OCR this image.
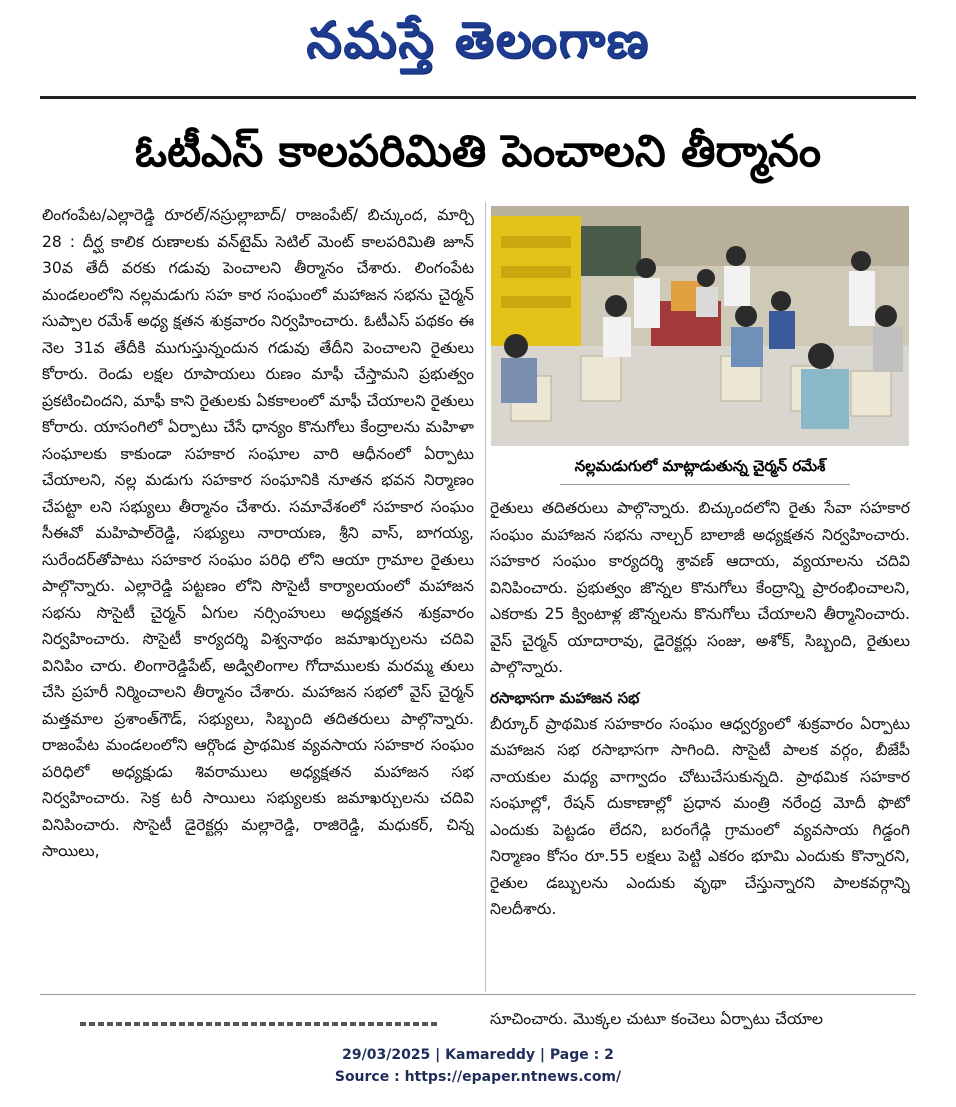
నమస్తే తెలంగాణ
ఓటీఎస్ కాలపరిమితి పెంచాలని తీర్మానం

లింగంపేట/ఎల్లారెడ్డి రూరల్/నస్రుల్లాబాద్/ రాజంపేట్/ బిచ్కుంద, మార్చి 28 : దీర్ఘ కాలిక రుణాలకు వన్‌టైమ్ సెటిల్ మెంట్ కాలపరిమితి జూన్ 30వ తేదీ వరకు గడువు పెంచాలని తీర్మానం చేశారు. లింగంపేట మండలంలోని నల్లమడుగు సహ కార సంఘంలో మహాజన సభను చైర్మన్ సుప్పాల రమేశ్ అధ్య క్షతన శుక్రవారం నిర్వహించారు. ఓటీఎస్ పథకం ఈ నెల 31వ తేదీకి ముగుస్తున్నందున గడువు తేదీని పెంచాలని రైతులు కోరారు. రెండు లక్షల రూపాయలు రుణం మాఫీ చేస్తామని ప్రభుత్వం ప్రకటించిందని, మాఫీ కాని రైతులకు ఏకకాలంలో మాఫీ చేయాలని రైతులు కోరారు. యాసంగిలో ఏర్పాటు చేసే ధాన్యం కొనుగోలు కేంద్రాలను మహిళా సంఘాలకు కాకుండా సహకార సంఘాల వారి ఆధీనంలో ఏర్పాటు చేయాలని, నల్ల మడుగు సహకార సంఘానికి నూతన భవన నిర్మాణం చేపట్టా లని సభ్యులు తీర్మానం చేశారు. సమావేశంలో సహకార సంఘం సీఈవో మహిపాల్‌రెడ్డి, సభ్యులు నారాయణ, శ్రీని వాస్, బాగయ్య, సురేందర్‌తోపాటు సహకార సంఘం పరిధి లోని ఆయా గ్రామాల రైతులు పాల్గొన్నారు. ఎల్లారెడ్డి పట్టణం లోని సొసైటీ కార్యాలయంలో మహాజన సభను సొసైటీ చైర్మన్ ఏగుల నర్సింహులు అధ్యక్షతన శుక్రవారం నిర్వహించారు. సొసైటీ కార్యదర్శి విశ్వనాథం జమాఖర్చులను చదివి వినిపిం చారు. లింగారెడ్డిపేట్, అడ్విలింగాల గోదాములకు మరమ్మ తులు చేసి ప్రహరీ నిర్మించాలని తీర్మానం చేశారు. మహాజన సభలో వైస్ చైర్మన్ మత్తమాల ప్రశాంత్‌గౌడ్, సభ్యులు, సిబ్బంది తదితరులు పాల్గొన్నారు. రాజంపేట మండలంలోని ఆర్గొండ ప్రాథమిక వ్యవసాయ సహకార సంఘం పరిధిలో అధ్యక్షుడు శివరాములు అధ్యక్షతన మహాజన సభ నిర్వహించారు. సెక్ర టరీ సాయిలు సభ్యులకు జమాఖర్చులను చదివి వినిపించారు. సొసైటీ డైరెక్టర్లు మల్లారెడ్డి, రాజిరెడ్డి, మధుకర్, చిన్న సాయిలు,

నల్లమడుగులో మాట్లాడుతున్న చైర్మన్ రమేశ్

రైతులు తదితరులు పాల్గొన్నారు. బిచ్కుందలోని రైతు సేవా సహకార సంఘం మహాజన సభను నాల్చర్ బాలాజీ అధ్యక్షతన నిర్వహించారు. సహకార సంఘం కార్యదర్శి శ్రావణ్ ఆదాయ, వ్యయాలను చదివి వినిపించారు. ప్రభుత్వం జొన్నల కొనుగోలు కేంద్రాన్ని ప్రారంభించాలని, ఎకరాకు 25 క్వింటాళ్ల జొన్నలను కొనుగోలు చేయాలని తీర్మానించారు. వైస్ చైర్మన్ యాదారావు, డైరెక్టర్లు సంజు, అశోక్, సిబ్బంది, రైతులు పాల్గొన్నారు.

రసాభాసగా మహాజన సభ

బీర్కూర్ ప్రాథమిక సహకారం సంఘం ఆధ్వర్యంలో శుక్రవారం ఏర్పాటు మహాజన సభ రసాభాసగా సాగింది. సొసైటీ పాలక వర్గం, బీజేపీ నాయకుల మధ్య వాగ్వాదం చోటుచేసుకున్నది. ప్రాథమిక సహకార సంఘాల్లో, రేషన్ దుకాణాల్లో ప్రధాన మంత్రి నరేంద్ర మోదీ ఫొటో ఎందుకు పెట్టడం లేదని, బరంగేడ్గి గ్రామంలో వ్యవసాయ గిడ్డంగి నిర్మాణం కోసం రూ.55 లక్షలు పెట్టి ఎకరం భూమి ఎందుకు కొన్నారని, రైతుల డబ్బులను ఎందుకు వృథా చేస్తున్నారని పాలకవర్గాన్ని నిలదీశారు.

సూచించారు. మొక్కల చుటూ కంచెలు ఏర్పాటు చేయాల
29/03/2025 | Kamareddy | Page : 2
Source : https://epaper.ntnews.com/
